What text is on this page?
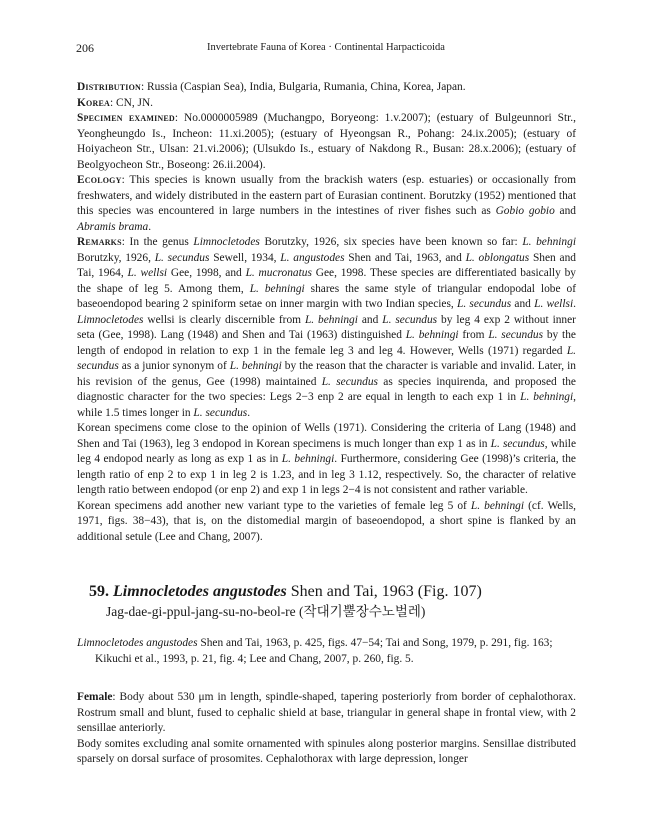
206	Invertebrate Fauna of Korea · Continental Harpacticoida

Distribution: Russia (Caspian Sea), India, Bulgaria, Rumania, China, Korea, Japan.

Korea: CN, JN.

Specimen examined: No.0000005989 (Muchangpo, Boryeong: 1.v.2007); (estuary of Bulgeunnori Str., Yeongheungdo Is., Incheon: 11.xi.2005); (estuary of Hyeongsan R., Pohang: 24.ix.2005); (estuary of Hoiyacheon Str., Ulsan: 21.vi.2006); (Ulsukdo Is., estuary of Nakdong R., Busan: 28.x.2006); (estuary of Beolgyocheon Str., Boseong: 26.ii.2004).

Ecology: This species is known usually from the brackish waters (esp. estuaries) or occasionally from freshwaters, and widely distributed in the eastern part of Eurasian continent. Borutzky (1952) mentioned that this species was encountered in large numbers in the intestines of river fishes such as Gobio gobio and Abramis brama.

Remarks: In the genus Limnocletodes Borutzky, 1926, six species have been known so far: L. behningi Borutzky, 1926, L. secundus Sewell, 1934, L. angustodes Shen and Tai, 1963, and L. oblongatus Shen and Tai, 1964, L. wellsi Gee, 1998, and L. mucronatus Gee, 1998. These species are differentiated basically by the shape of leg 5. Among them, L. behningi shares the same style of triangular endopodal lobe of baseoendopod bearing 2 spiniform setae on inner margin with two Indian species, L. secundus and L. wellsi. Limnocletodes wellsi is clearly discernible from L. behningi and L. secundus by leg 4 exp 2 without inner seta (Gee, 1998). Lang (1948) and Shen and Tai (1963) distinguished L. behningi from L. secundus by the length of endopod in relation to exp 1 in the female leg 3 and leg 4. However, Wells (1971) regarded L. secundus as a junior synonym of L. behningi by the reason that the character is variable and invalid. Later, in his revision of the genus, Gee (1998) maintained L. secundus as species inquirenda, and proposed the diagnostic character for the two species: Legs 2−3 enp 2 are equal in length to each exp 1 in L. behningi, while 1.5 times longer in L. secundus.

Korean specimens come close to the opinion of Wells (1971). Considering the criteria of Lang (1948) and Shen and Tai (1963), leg 3 endopod in Korean specimens is much longer than exp 1 as in L. secundus, while leg 4 endopod nearly as long as exp 1 as in L. behningi. Furthermore, considering Gee (1998)’s criteria, the length ratio of enp 2 to exp 1 in leg 2 is 1.23, and in leg 3 1.12, respectively. So, the character of relative length ratio between endopod (or enp 2) and exp 1 in legs 2−4 is not consistent and rather variable.

Korean specimens add another new variant type to the varieties of female leg 5 of L. behningi (cf. Wells, 1971, figs. 38−43), that is, on the distomedial margin of baseoendopod, a short spine is flanked by an additional setule (Lee and Chang, 2007).

59. Limnocletodes angustodes Shen and Tai, 1963 (Fig. 107)
Jag-dae-gi-ppul-jang-su-no-beol-re (작대기뿔장수노벌레)
Limnocletodes angustodes Shen and Tai, 1963, p. 425, figs. 47−54; Tai and Song, 1979, p. 291, fig. 163;
Kikuchi et al., 1993, p. 21, fig. 4; Lee and Chang, 2007, p. 260, fig. 5.

Female: Body about 530 μm in length, spindle-shaped, tapering posteriorly from border of cephalothorax. Rostrum small and blunt, fused to cephalic shield at base, triangular in general shape in frontal view, with 2 sensillae anteriorly.

Body somites excluding anal somite ornamented with spinules along posterior margins. Sensillae distributed sparsely on dorsal surface of prosomites. Cephalothorax with large depression, longer
